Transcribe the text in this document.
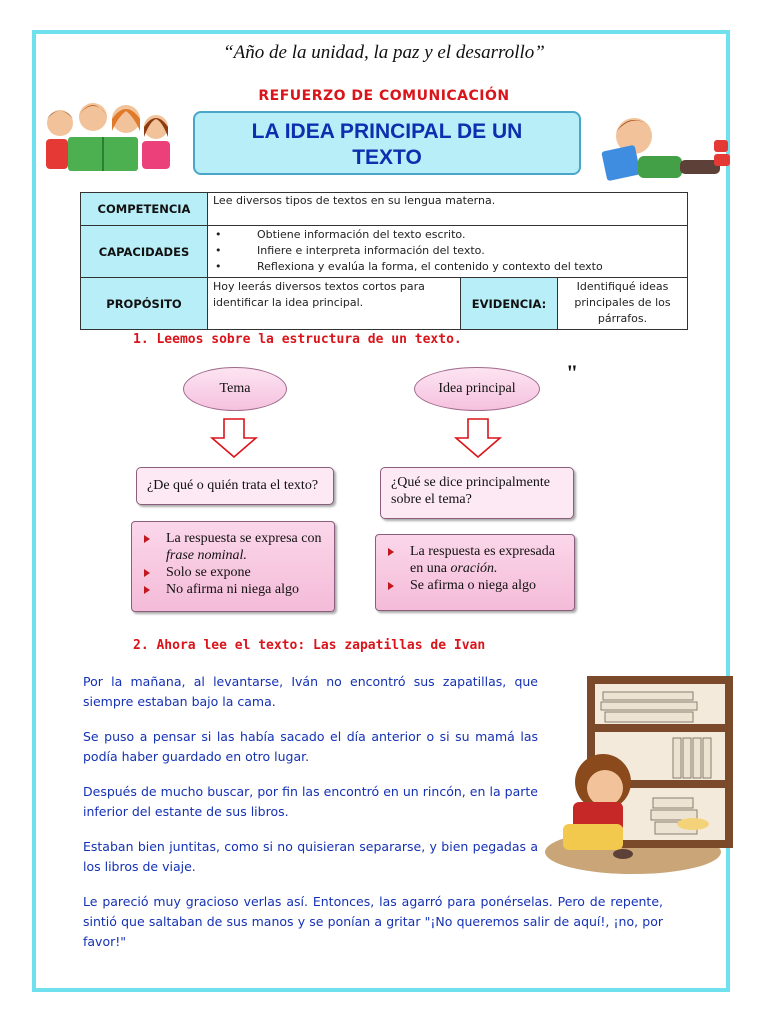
“Año de la unidad, la paz y el desarrollo”
REFUERZO DE COMUNICACIÓN
LA IDEA PRINCIPAL DE UN
TEXTO
COMPETENCIA	Lee diversos tipos de textos en su lengua materna.		
CAPACIDADES	• Obtiene información del texto escrito.
• Infiere e interpreta información del texto.
• Reflexiona y evalúa la forma, el contenido y contexto del texto

PROPÓSITO	Hoy leerás diversos textos cortos para identificar la idea principal.	EVIDENCIA:	Identifiqué ideas principales de los párrafos.
1. Leemos sobre la estructura de un texto.
"
Tema	Idea principal
¿De qué o quién trata el texto?	¿Qué se dice principalmente sobre el tema?
La respuesta se expresa con frase nominal.
Solo se expone
No afirma ni niega algo
La respuesta es expresada en una oración.
Se afirma o niega algo
2. Ahora lee el texto: Las zapatillas de Ivan

Por la mañana, al levantarse, Iván no encontró sus zapatillas, que siempre estaban bajo la cama.

Se puso a pensar si las había sacado el día anterior o si su mamá las podía haber guardado en otro lugar.

Después de mucho buscar, por fin las encontró en un rincón, en la parte inferior del estante de sus libros.

Estaban bien juntitas, como si no quisieran separarse, y bien pegadas a los libros de viaje.

Le pareció muy gracioso verlas así. Entonces, las agarró para ponérselas. Pero de repente, sintió que saltaban de sus manos y se ponían a gritar "¡No queremos salir de aquí!, ¡no, por favor!"
